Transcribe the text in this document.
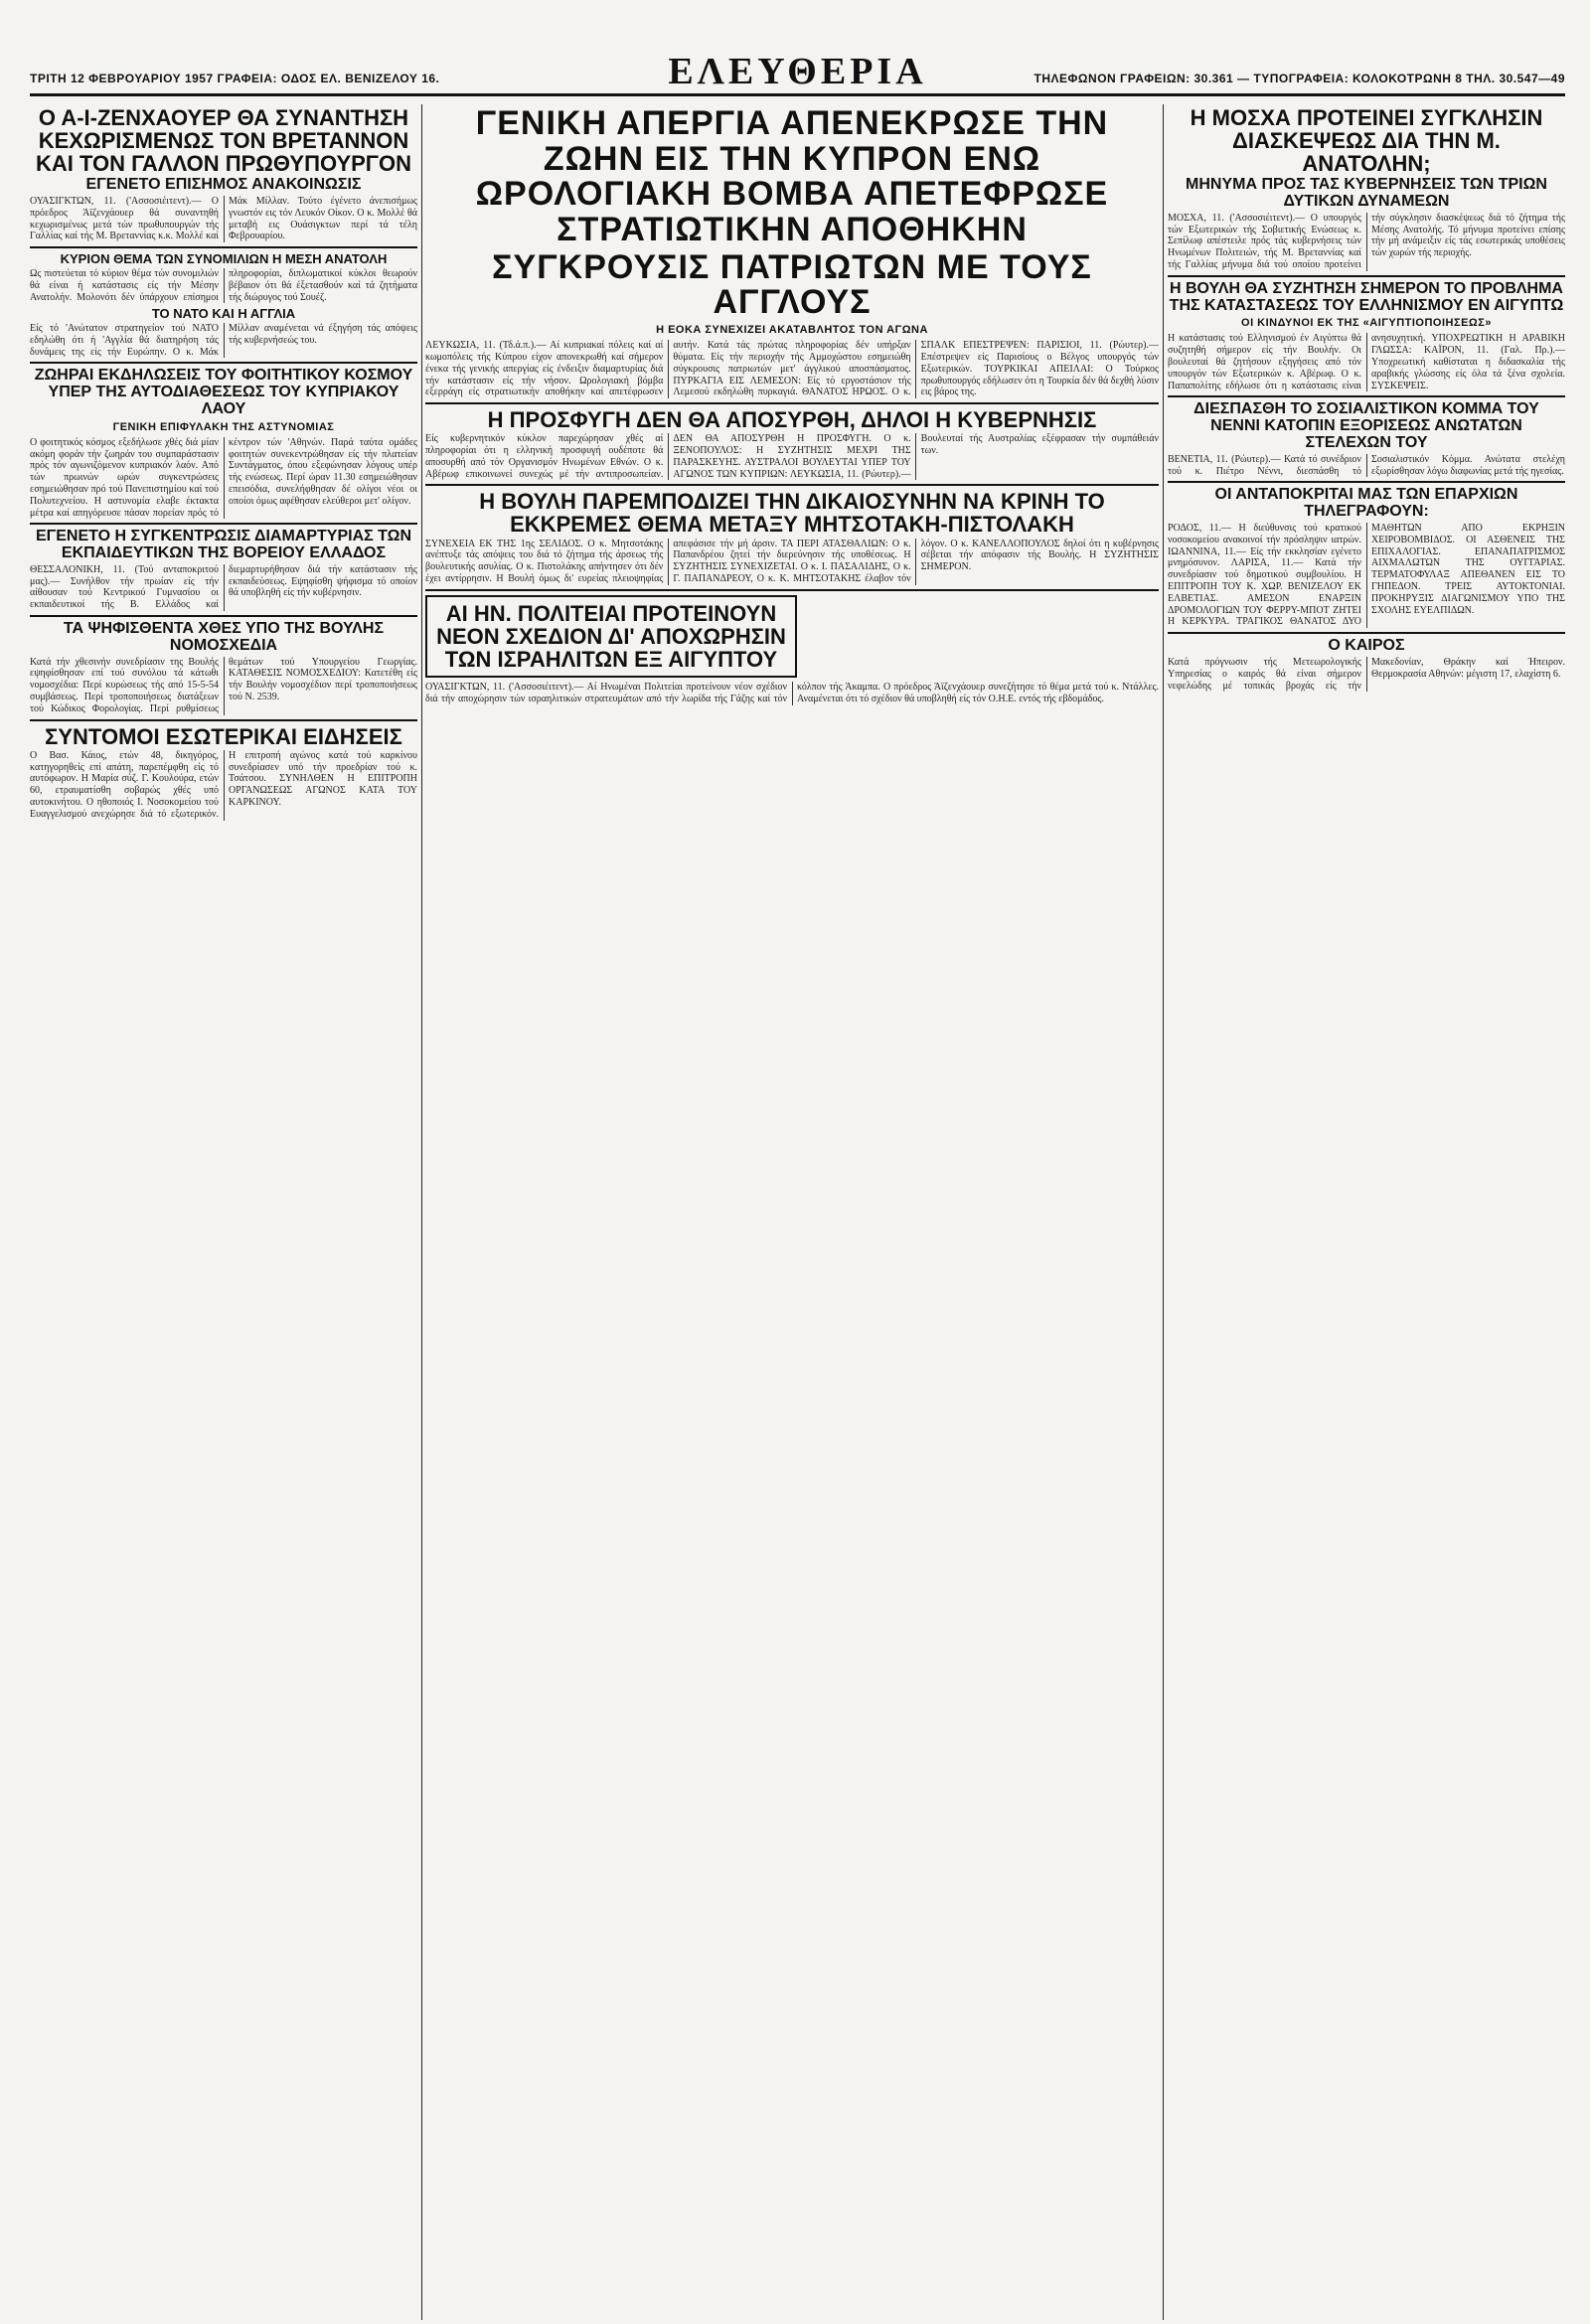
ΤΡΙΤΗ 12 ΦΕΒΡΟΥΑΡΙΟΥ 1957 ΓΡΑΦΕΙΑ: ΟΔΟΣ ΕΛ. ΒΕΝΙΖΕΛΟΥ 16.	ΕΛΕΥΘΕΡΙΑ	ΤΗΛΕΦΩΝΟΝ ΓΡΑΦΕΙΩΝ: 30.361 — ΤΥΠΟΓΡΑΦΕΙΑ: ΚΟΛΟΚΟΤΡΩΝΗ 8 ΤΗΛ. 30.547—49
Ο Α-Ι-ΖΕΝΧΑΟΥΕΡ ΘΑ ΣΥΝΑΝΤΗΣΗ ΚΕΧΩΡΙΣΜΕΝΩΣ ΤΟΝ ΒΡΕΤΑΝΝΟΝ ΚΑΙ ΤΟΝ ΓΑΛΛΟΝ ΠΡΩΘΥΠΟΥΡΓΟΝ
ΕΓΕΝΕΤΟ ΕΠΙΣΗΜΟΣ ΑΝΑΚΟΙΝΩΣΙΣ
ΟΥΑΣΙΓΚΤΩΝ, 11. ('Ασσοσιέιτεντ).— Ο πρόεδρος Άϊζενχάουερ θά συναντηθή κεχωρισμένως μετά τών πρωθυπουργών τής Γαλλίας καί τής Μ. Βρεταννίας κ.κ. Μολλέ καί Μάκ Μίλλαν. Τούτο έγένετο άνεπισήμως γνωστόν εις τόν Λευκόν Οίκον. Ο κ. Μολλέ θά μεταβή εις Ουάσιγκτων περί τά τέλη Φεβρουαρίου.
ΚΥΡΙΟΝ ΘΕΜΑ ΤΩΝ ΣΥΝΟΜΙΛΙΩΝ Η ΜΕΣΗ ΑΝΑΤΟΛΗ
Ως πιστεύεται τό κύριον θέμα τών συνομιλιών θά είναι ή κατάστασις είς τήν Μέσην Ανατολήν. Μολονότι δέν ύπάρχουν επίσημοι πληροφορίαι, διπλωματικοί κύκλοι θεωρούν βέβαιον ότι θά έξετασθούν καί τά ζητήματα τής διώρυγος τού Σουέζ.
ΤΟ ΝΑΤΟ ΚΑΙ Η ΑΓΓΛΙΑ
Είς τό 'Ανώτατον στρατηγείον τού ΝΑΤΟ εδηλώθη ότι ή 'Αγγλία θά διατηρήση τάς δυνάμεις της είς τήν Ευρώπην. Ο κ. Μάκ Μίλλαν αναμένεται νά έξηγήση τάς απόψεις τής κυβερνήσεώς του.
ΖΩΗΡΑΙ ΕΚΔΗΛΩΣΕΙΣ ΤΟΥ ΦΟΙΤΗΤΙΚΟΥ ΚΟΣΜΟΥ ΥΠΕΡ ΤΗΣ ΑΥΤΟΔΙΑΘΕΣΕΩΣ ΤΟΥ ΚΥΠΡΙΑΚΟΥ ΛΑΟΥ
ΓΕΝΙΚΗ ΕΠΙΦΥΛΑΚΗ ΤΗΣ ΑΣΤΥΝΟΜΙΑΣ
Ο φοιτητικός κόσμος εξεδήλωσε χθές διά μίαν ακόμη φοράν τήν ζωηράν του συμπαράστασιν πρός τόν αγωνιζόμενον κυπριακόν λαόν. Από τών πρωινών ωρών συγκεντρώσεις εσημειώθησαν πρό τού Πανεπιστημίου καί τού Πολυτεχνείου. Η αστυνομία ελαβε έκτακτα μέτρα καί απηγόρευσε πάσαν πορείαν πρός τό κέντρον τών 'Αθηνών. Παρά ταύτα ομάδες φοιτητών συνεκεντρώθησαν είς τήν πλατείαν Συντάγματος, όπου εξεφώνησαν λόγους υπέρ τής ενώσεως. Περί ώραν 11.30 εσημειώθησαν επεισόδια, συνελήφθησαν δέ ολίγοι νέοι οι οποίοι όμως αφέθησαν ελεύθεροι μετ' ολίγον.
ΕΓΕΝΕΤΟ Η ΣΥΓΚΕΝΤΡΩΣΙΣ ΔΙΑΜΑΡΤΥΡΙΑΣ ΤΩΝ ΕΚΠΑΙΔΕΥΤΙΚΩΝ ΤΗΣ ΒΟΡΕΙΟΥ ΕΛΛΑΔΟΣ
ΘΕΣΣΑΛΟΝΙΚΗ, 11. (Τού ανταποκριτού μας).— Συνήλθον τήν πρωίαν είς τήν αίθουσαν τού Κεντρικού Γυμνασίου οι εκπαιδευτικοί τής Β. Ελλάδος καί διεμαρτυρήθησαν διά τήν κατάστασιν τής εκπαιδεύσεως. Εψηφίσθη ψήφισμα τό οποίον θά υποβληθή είς τήν κυβέρνησιν.
ΤΑ ΨΗΦΙΣΘΕΝΤΑ ΧΘΕΣ ΥΠΟ ΤΗΣ ΒΟΥΛΗΣ ΝΟΜΟΣΧΕΔΙΑ
Κατά τήν χθεσινήν συνεδρίασιν της Βουλής εψηφίσθησαν επί τού συνόλου τά κάτωθι νομοσχέδια: Περί κυρώσεως τής από 15-5-54 συμβάσεως. Περί τροποποιήσεως διατάξεων τού Κώδικος Φορολογίας. Περί ρυθμίσεως θεμάτων τού Υπουργείου Γεωργίας. ΚΑΤΑΘΕΣΙΣ ΝΟΜΟΣΧΕΔΙΟΥ: Κατετέθη είς τήν Βουλήν νομοσχέδιον περί τροποποιήσεως τού Ν. 2539.
ΣΥΝΤΟΜΟΙ ΕΣΩΤΕΡΙΚΑΙ ΕΙΔΗΣΕΙΣ
Ο Βασ. Κάιος, ετών 48, δικηγόρος, κατηγορηθείς επί απάτη, παρεπέμφθη είς τό αυτόφωρον. Η Μαρία σύζ. Γ. Κουλούρα, ετών 60, ετραυματίσθη σοβαρώς χθές υπό αυτοκινήτου. Ο ηθοποιός Ι. Νοσοκομείου τού Ευαγγελισμού ανεχώρησε διά τό εξωτερικόν. Η επιτροπή αγώνος κατά τού καρκίνου συνεδρίασεν υπό τήν προεδρίαν τού κ. Τσάτσου. ΣΥΝΗΛΘΕΝ Η ΕΠΙΤΡΟΠΗ ΟΡΓΑΝΩΣΕΩΣ ΑΓΩΝΟΣ ΚΑΤΑ ΤΟΥ ΚΑΡΚΙΝΟΥ.
ΓΕΝΙΚΗ ΑΠΕΡΓΙΑ ΑΠΕΝΕΚΡΩΣΕ ΤΗΝ ΖΩΗΝ ΕΙΣ ΤΗΝ ΚΥΠΡΟΝ ΕΝΩ ΩΡΟΛΟΓΙΑΚΗ ΒΟΜΒΑ ΑΠΕΤΕΦΡΩΣΕ ΣΤΡΑΤΙΩΤΙΚΗΝ ΑΠΟΘΗΚΗΝ
ΣΥΓΚΡΟΥΣΙΣ ΠΑΤΡΙΩΤΩΝ ΜΕ ΤΟΥΣ ΑΓΓΛΟΥΣ
Η ΕΟΚΑ ΣΥΝΕΧΙΖΕΙ ΑΚΑΤΑΒΛΗΤΟΣ ΤΟΝ ΑΓΩΝΑ
ΛΕΥΚΩΣΙΑ, 11. (Τδ.ά.π.).— Αί κυπριακαί πόλεις καί αί κωμοπόλεις τής Κύπρου είχον απονεκρωθή καί σήμερον ένεκα τής γενικής απεργίας είς ένδειξιν διαμαρτυρίας διά τήν κατάστασιν είς τήν νήσον. Ωρολογιακή βόμβα εξερράγη είς στρατιωτικήν αποθήκην καί απετέφρωσεν αυτήν. Κατά τάς πρώτας πληροφορίας δέν υπήρξαν θύματα. Είς τήν περιοχήν τής Αμμοχώστου εσημειώθη σύγκρουσις πατριωτών μετ' άγγλικού αποσπάσματος. ΠΥΡΚΑΓΙΑ ΕΙΣ ΛΕΜΕΣΟΝ: Είς τό εργοστάσιον τής Λεμεσού εκδηλώθη πυρκαγιά. ΘΑΝΑΤΟΣ ΗΡΩΟΣ. Ο κ. ΣΠΑΛΚ ΕΠΕΣΤΡΕΨΕΝ: ΠΑΡΙΣΙΟΙ, 11. (Ρώυτερ).— Επέστρεψεν είς Παρισίους ο Βέλγος υπουργός τών Εξωτερικών. ΤΟΥΡΚΙΚΑΙ ΑΠΕΙΛΑΙ: Ο Τούρκος πρωθυπουργός εδήλωσεν ότι η Τουρκία δέν θά δεχθή λύσιν εις βάρος της.
Η ΠΡΟΣΦΥΓΗ ΔΕΝ ΘΑ ΑΠΟΣΥΡΘΗ, ΔΗΛΟΙ Η ΚΥΒΕΡΝΗΣΙΣ
Είς κυβερνητικόν κύκλον παρεχώρησαν χθές αί πληροφορίαι ότι η ελληνική προσφυγή ουδέποτε θά αποσυρθή από τόν Οργανισμόν Ηνωμένων Εθνών. Ο κ. Αβέρωφ επικοινωνεί συνεχώς μέ τήν αντιπροσωπείαν. ΔΕΝ ΘΑ ΑΠΟΣΥΡΘΗ Η ΠΡΟΣΦΥΓΗ. Ο κ. ΞΕΝΟΠΟΥΛΟΣ: Η ΣΥΖΗΤΗΣΙΣ ΜΕΧΡΙ ΤΗΣ ΠΑΡΑΣΚΕΥΗΣ. ΑΥΣΤΡΑΛΟΙ ΒΟΥΛΕΥΤΑΙ ΥΠΕΡ ΤΟΥ ΑΓΩΝΟΣ ΤΩΝ ΚΥΠΡΙΩΝ: ΛΕΥΚΩΣΙΑ, 11. (Ρώυτερ).— Βουλευταί τής Αυστραλίας εξέφρασαν τήν συμπάθειάν των.
Η ΒΟΥΛΗ ΠΑΡΕΜΠΟΔΙΖΕΙ ΤΗΝ ΔΙΚΑΙΟΣΥΝΗΝ ΝΑ ΚΡΙΝΗ ΤΟ ΕΚΚΡΕΜΕΣ ΘΕΜΑ ΜΕΤΑΞΥ ΜΗΤΣΟΤΑΚΗ-ΠΙΣΤΟΛΑΚΗ
ΣΥΝΕΧΕΙΑ ΕΚ ΤΗΣ 1ης ΣΕΛΙΔΟΣ. Ο κ. Μητσοτάκης ανέπτυξε τάς απόψεις του διά τό ζήτημα τής άρσεως τής βουλευτικής ασυλίας. Ο κ. Πιστολάκης απήντησεν ότι δέν έχει αντίρρησιν. Η Βουλή όμως δι' ευρείας πλειοψηφίας απεφάσισε τήν μή άρσιν. ΤΑ ΠΕΡΙ ΑΤΑΣΘΑΛΙΩΝ: Ο κ. Παπανδρέου ζητεί τήν διερεύνησιν τής υποθέσεως. Η ΣΥΖΗΤΗΣΙΣ ΣΥΝΕΧΙΖΕΤΑΙ. Ο κ. Ι. ΠΑΣΑΛΙΔΗΣ, Ο κ. Γ. ΠΑΠΑΝΔΡΕΟΥ, Ο κ. Κ. ΜΗΤΣΟΤΑΚΗΣ έλαβον τόν λόγον. Ο κ. ΚΑΝΕΛΛΟΠΟΥΛΟΣ δηλοί ότι η κυβέρνησις σέβεται τήν απόφασιν τής Βουλής. Η ΣΥΖΗΤΗΣΙΣ ΣΗΜΕΡΟΝ.
ΑΙ ΗΝ. ΠΟΛΙΤΕΙΑΙ ΠΡΟΤΕΙΝΟΥΝ ΝΕΟΝ ΣΧΕΔΙΟΝ ΔΙ' ΑΠΟΧΩΡΗΣΙΝ ΤΩΝ ΙΣΡΑΗΛΙΤΩΝ ΕΞ ΑΙΓΥΠΤΟΥ
ΟΥΑΣΙΓΚΤΩΝ, 11. ('Ασσοσιέιτεντ).— Αί Ηνωμέναι Πολιτείαι προτείνουν νέον σχέδιον διά τήν αποχώρησιν τών ισραηλιτικών στρατευμάτων από τήν λωρίδα τής Γάζης καί τόν κόλπον τής Άκαμπα. Ο πρόεδρος Άϊζενχάουερ συνεζήτησε τό θέμα μετά τού κ. Ντάλλες. Αναμένεται ότι τό σχέδιον θά υποβληθή είς τόν Ο.Η.Ε. εντός τής εβδομάδος.
Η ΜΟΣΧΑ ΠΡΟΤΕΙΝΕΙ ΣΥΓΚΛΗΣΙΝ ΔΙΑΣΚΕΨΕΩΣ ΔΙΑ ΤΗΝ Μ. ΑΝΑΤΟΛΗΝ;
ΜΗΝΥΜΑ ΠΡΟΣ ΤΑΣ ΚΥΒΕΡΝΗΣΕΙΣ ΤΩΝ ΤΡΙΩΝ ΔΥΤΙΚΩΝ ΔΥΝΑΜΕΩΝ
ΜΟΣΧΑ, 11. ('Ασσοσιέιτεντ).— Ο υπουργός τών Εξωτερικών τής Σοβιετικής Ενώσεως κ. Σεπίλωφ απέστειλε πρός τάς κυβερνήσεις τών Ηνωμένων Πολιτειών, τής Μ. Βρεταννίας καί τής Γαλλίας μήνυμα διά τού οποίου προτείνει τήν σύγκλησιν διασκέψεως διά τό ζήτημα τής Μέσης Ανατολής. Τό μήνυμα προτείνει επίσης τήν μή ανάμειξιν είς τάς εσωτερικάς υποθέσεις τών χωρών τής περιοχής.
Η ΒΟΥΛΗ ΘΑ ΣΥΖΗΤΗΣΗ ΣΗΜΕΡΟΝ ΤΟ ΠΡΟΒΛΗΜΑ ΤΗΣ ΚΑΤΑΣΤΑΣΕΩΣ ΤΟΥ ΕΛΛΗΝΙΣΜΟΥ ΕΝ ΑΙΓΥΠΤΩ
ΟΙ ΚΙΝΔΥΝΟΙ ΕΚ ΤΗΣ «ΑΙΓΥΠΤΙΟΠΟΙΗΣΕΩΣ»
Η κατάστασις τού Ελληνισμού έν Αιγύπτω θά συζητηθή σήμερον είς τήν Βουλήν. Οι βουλευταί θά ζητήσουν εξηγήσεις από τόν υπουργόν τών Εξωτερικών κ. Αβέρωφ. Ο κ. Παπαπολίτης εδήλωσε ότι η κατάστασις είναι ανησυχητική. ΥΠΟΧΡΕΩΤΙΚΗ Η ΑΡΑΒΙΚΗ ΓΛΩΣΣΑ: ΚΑΪΡΟΝ, 11. (Γαλ. Πρ.).— Υποχρεωτική καθίσταται η διδασκαλία τής αραβικής γλώσσης είς όλα τά ξένα σχολεία. ΣΥΣΚΕΨΕΙΣ.
ΔΙΕΣΠΑΣΘΗ ΤΟ ΣΟΣΙΑΛΙΣΤΙΚΟΝ ΚΟΜΜΑ ΤΟΥ ΝΕΝΝΙ ΚΑΤΟΠΙΝ ΕΞΟΡΙΣΕΩΣ ΑΝΩΤΑΤΩΝ ΣΤΕΛΕΧΩΝ ΤΟΥ
ΒΕΝΕΤΙΑ, 11. (Ρώυτερ).— Κατά τό συνέδριον τού κ. Πιέτρο Νέννι, διεσπάσθη τό Σοσιαλιστικόν Κόμμα. Ανώτατα στελέχη εξωρίσθησαν λόγω διαφωνίας μετά τής ηγεσίας.
ΟΙ ΑΝΤΑΠΟΚΡΙΤΑΙ ΜΑΣ ΤΩΝ ΕΠΑΡΧΙΩΝ ΤΗΛΕΓΡΑΦΟΥΝ:
ΡΟΔΟΣ, 11.— Η διεύθυνσις τού κρατικού νοσοκομείου ανακοινοί τήν πρόσληψιν ιατρών. ΙΩΑΝΝΙΝΑ, 11.— Είς τήν εκκλησίαν εγένετο μνημόσυνον. ΛΑΡΙΣΑ, 11.— Κατά τήν συνεδρίασιν τού δημοτικού συμβουλίου. Η ΕΠΙΤΡΟΠΗ ΤΟΥ Κ. ΧΩΡ. ΒΕΝΙΖΕΛΟΥ ΕΚ ΕΛΒΕΤΙΑΣ. ΑΜΕΣΟΝ ΕΝΑΡΞΙΝ ΔΡΟΜΟΛΟΓΙΩΝ ΤΟΥ ΦΕΡΡΥ-ΜΠΟΤ ΖΗΤΕΙ Η ΚΕΡΚΥΡΑ. ΤΡΑΓΙΚΟΣ ΘΑΝΑΤΟΣ ΔΥΟ ΜΑΘΗΤΩΝ ΑΠΟ ΕΚΡΗΞΙΝ ΧΕΙΡΟΒΟΜΒΙΔΟΣ. ΟΙ ΑΣΘΕΝΕΙΣ ΤΗΣ ΕΠΙΧΑΛΟΓΙΑΣ. ΕΠΑΝΑΠΑΤΡΙΣΜΟΣ ΑΙΧΜΑΛΩΤΩΝ ΤΗΣ ΟΥΓΓΑΡΙΑΣ. ΤΕΡΜΑΤΟΦΥΛΑΞ ΑΠΕΘΑΝΕΝ ΕΙΣ ΤΟ ΓΗΠΕΔΟΝ. ΤΡΕΙΣ ΑΥΤΟΚΤΟΝΙΑΙ. ΠΡΟΚΗΡΥΞΙΣ ΔΙΑΓΩΝΙΣΜΟΥ ΥΠΟ ΤΗΣ ΣΧΟΛΗΣ ΕΥΕΛΠΙΔΩΝ.
Ο ΚΑΙΡΟΣ
Κατά πρόγνωσιν τής Μετεωρολογικής Υπηρεσίας ο καιρός θά είναι σήμερον νεφελώδης μέ τοπικάς βροχάς είς τήν Μακεδονίαν, Θράκην καί Ήπειρον. Θερμοκρασία Αθηνών: μέγιστη 17, ελαχίστη 6.
